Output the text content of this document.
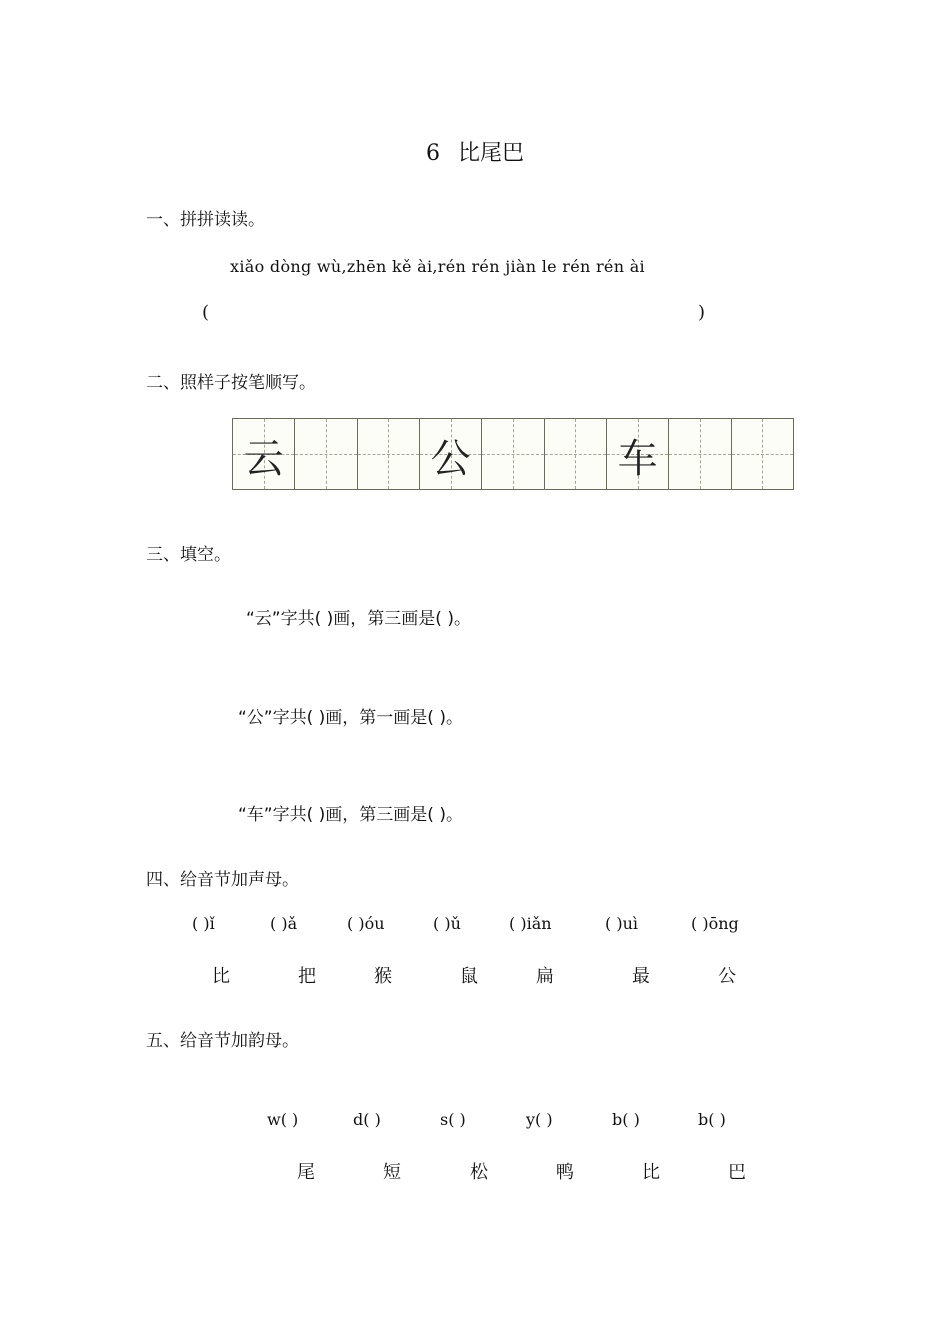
6 比尾巴
一、拼拼读读。
xiǎo dòng wù,zhēn kě ài,rén rén jiàn le rén rén ài
(	)
二、照样子按笔顺写。
云	公	车
三、填空。
“云”字共( )画，第三画是( )。
“公”字共( )画，第一画是( )。
“车”字共( )画，第三画是( )。
四、给音节加声母。
( )ǐ	( )ǎ	( )óu	( )ǔ	( )iǎn	( )uì	( )ōng
比	把	猴	鼠	扁	最	公
五、给音节加韵母。
w( )	d( )	s( )	y( )	b( )	b( )
尾	短	松	鸭	比	巴
